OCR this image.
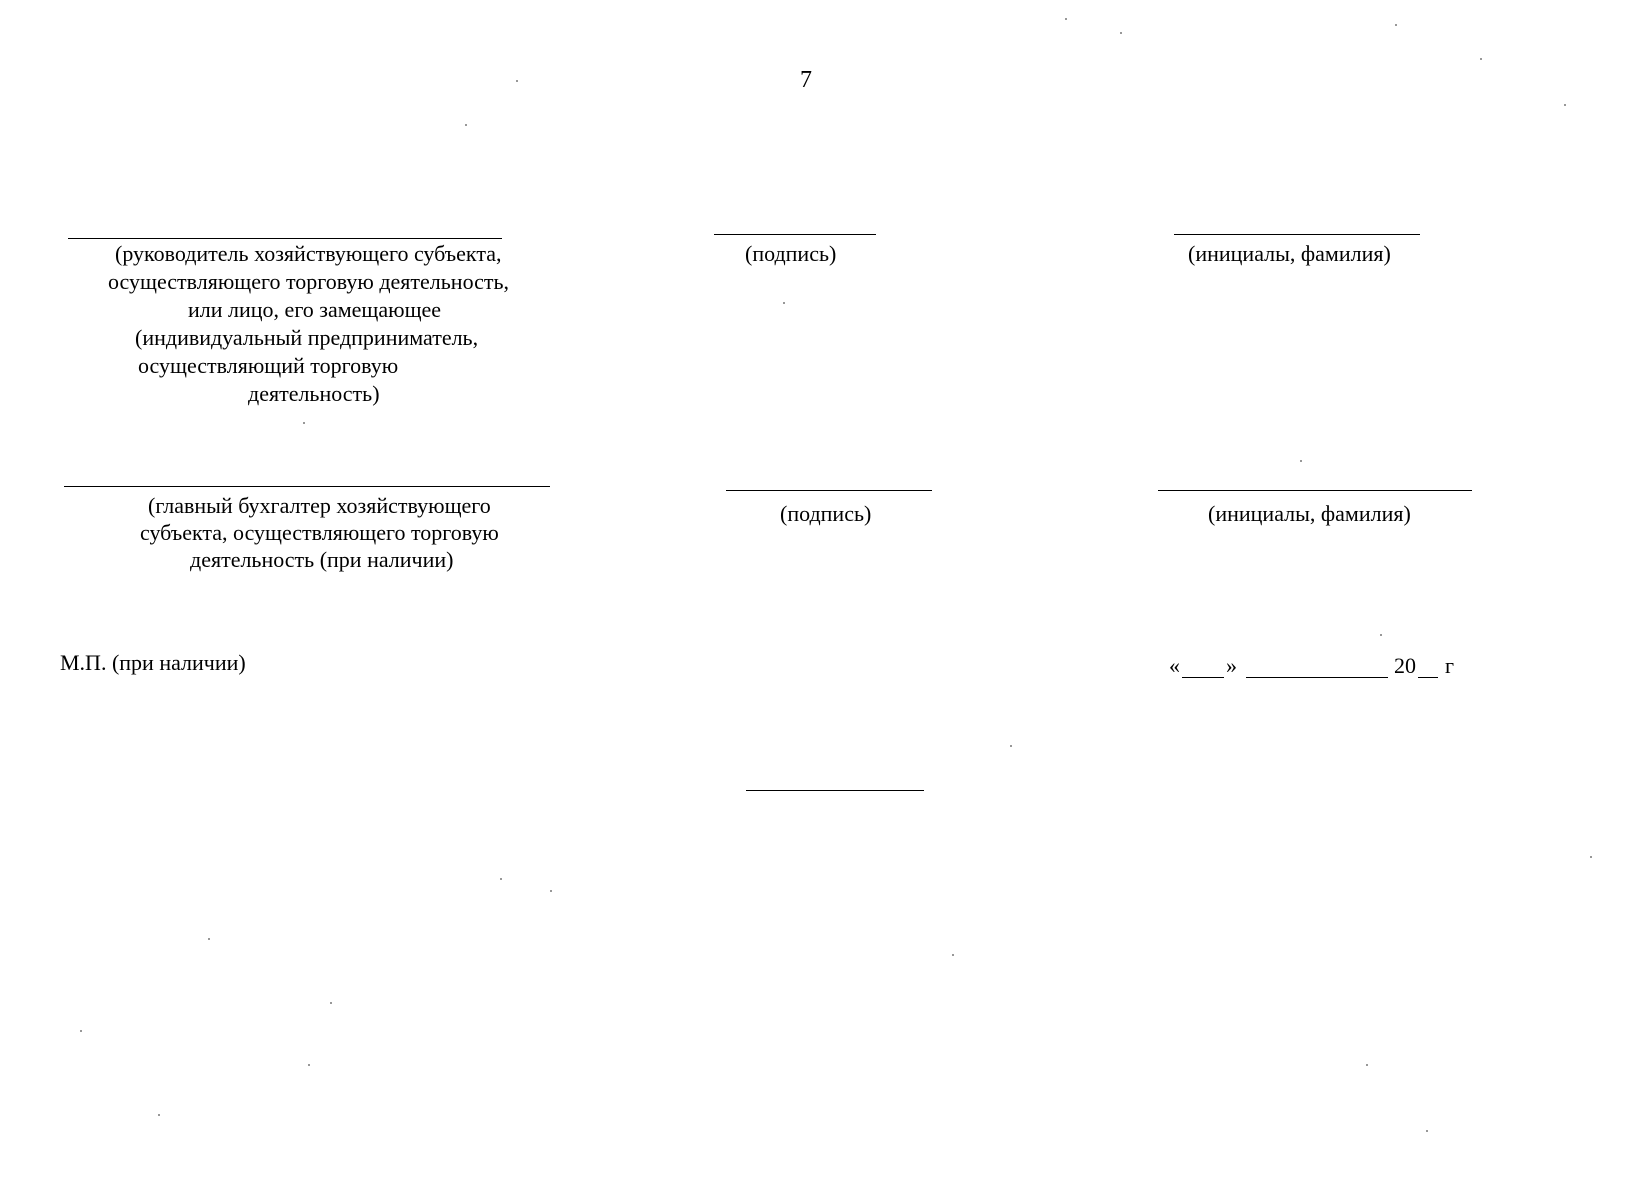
7
(руководитель хозяйствующего субъекта,
осуществляющего торговую деятельность,
или лицо, его замещающее
(индивидуальный предприниматель,
осуществляющий торговую
деятельность)
(подпись)	(инициалы, фамилия)
(главный бухгалтер хозяйствующего
субъекта, осуществляющего торговую
деятельность (при наличии)
(подпись)	(инициалы, фамилия)
М.П. (при наличии)	« »	20 г
